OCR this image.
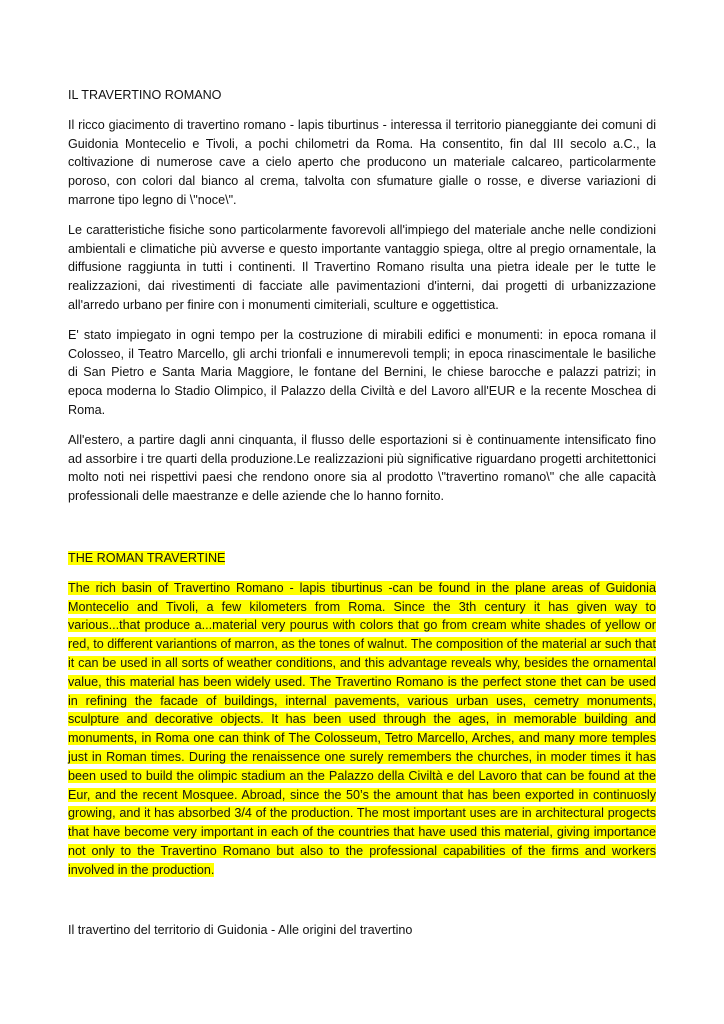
IL TRAVERTINO ROMANO

Il ricco giacimento di travertino romano - lapis tiburtinus - interessa il territorio pianeggiante dei comuni di Guidonia Montecelio e Tivoli, a pochi chilometri da Roma. Ha consentito, fin dal III secolo a.C., la coltivazione di numerose cave a cielo aperto che producono un materiale calcareo, particolarmente poroso, con colori dal bianco al crema, talvolta con sfumature gialle o rosse, e diverse variazioni di marrone tipo legno di \"noce\".

Le caratteristiche fisiche sono particolarmente favorevoli all'impiego del materiale anche nelle condizioni ambientali e climatiche più avverse e questo importante vantaggio spiega, oltre al pregio ornamentale, la diffusione raggiunta in tutti i continenti. Il Travertino Romano risulta una pietra ideale per le tutte le realizzazioni, dai rivestimenti di facciate alle pavimentazioni d'interni, dai progetti di urbanizzazione all'arredo urbano per finire con i monumenti cimiteriali, sculture e oggettistica.

E' stato impiegato in ogni tempo per la costruzione di mirabili edifici e monumenti: in epoca romana il Colosseo, il Teatro Marcello, gli archi trionfali e innumerevoli templi; in epoca rinascimentale le basiliche di San Pietro e Santa Maria Maggiore, le fontane del Bernini, le chiese barocche e palazzi patrizi; in epoca moderna lo Stadio Olimpico, il Palazzo della Civiltà e del Lavoro all'EUR e la recente Moschea di Roma.

All'estero, a partire dagli anni cinquanta, il flusso delle esportazioni si è continuamente intensificato fino ad assorbire i tre quarti della produzione.Le realizzazioni più significative riguardano progetti architettonici molto noti nei rispettivi paesi che rendono onore sia al prodotto \"travertino romano\" che alle capacità professionali delle maestranze e delle aziende che lo hanno fornito.

THE ROMAN TRAVERTINE

The rich basin of Travertino Romano - lapis tiburtinus -can be found in the plane areas of Guidonia Montecelio and Tivoli, a few kilometers from Roma. Since the 3th century it has given way to various...that produce a...material very pourus with colors that go from cream white shades of yellow or red, to different variantions of marron, as the tones of walnut. The composition of the material ar such that it can be used in all sorts of weather conditions, and this advantage reveals why, besides the ornamental value, this material has been widely used. The Travertino Romano is the perfect stone thet can be used in refining the facade of buildings, internal pavements, various urban uses, cemetry monuments, sculpture and decorative objects. It has been used through the ages, in memorable building and monuments, in Roma one can think of The Colosseum, Tetro Marcello, Arches, and many more temples just in Roman times. During the renaissence one surely remembers the churches, in moder times it has been used to build the olimpic stadium an the Palazzo della Civiltà e del Lavoro that can be found at the Eur, and the recent Mosquee. Abroad, since the 50’s the amount that has been exported in continuosly growing, and it has absorbed 3/4 of the production. The most important uses are in architectural progects that have become very important in each of the countries that have used this material, giving importance not only to the Travertino Romano but also to the professional capabilities of the firms and workers involved in the production.

Il travertino del territorio di Guidonia - Alle origini del travertino
